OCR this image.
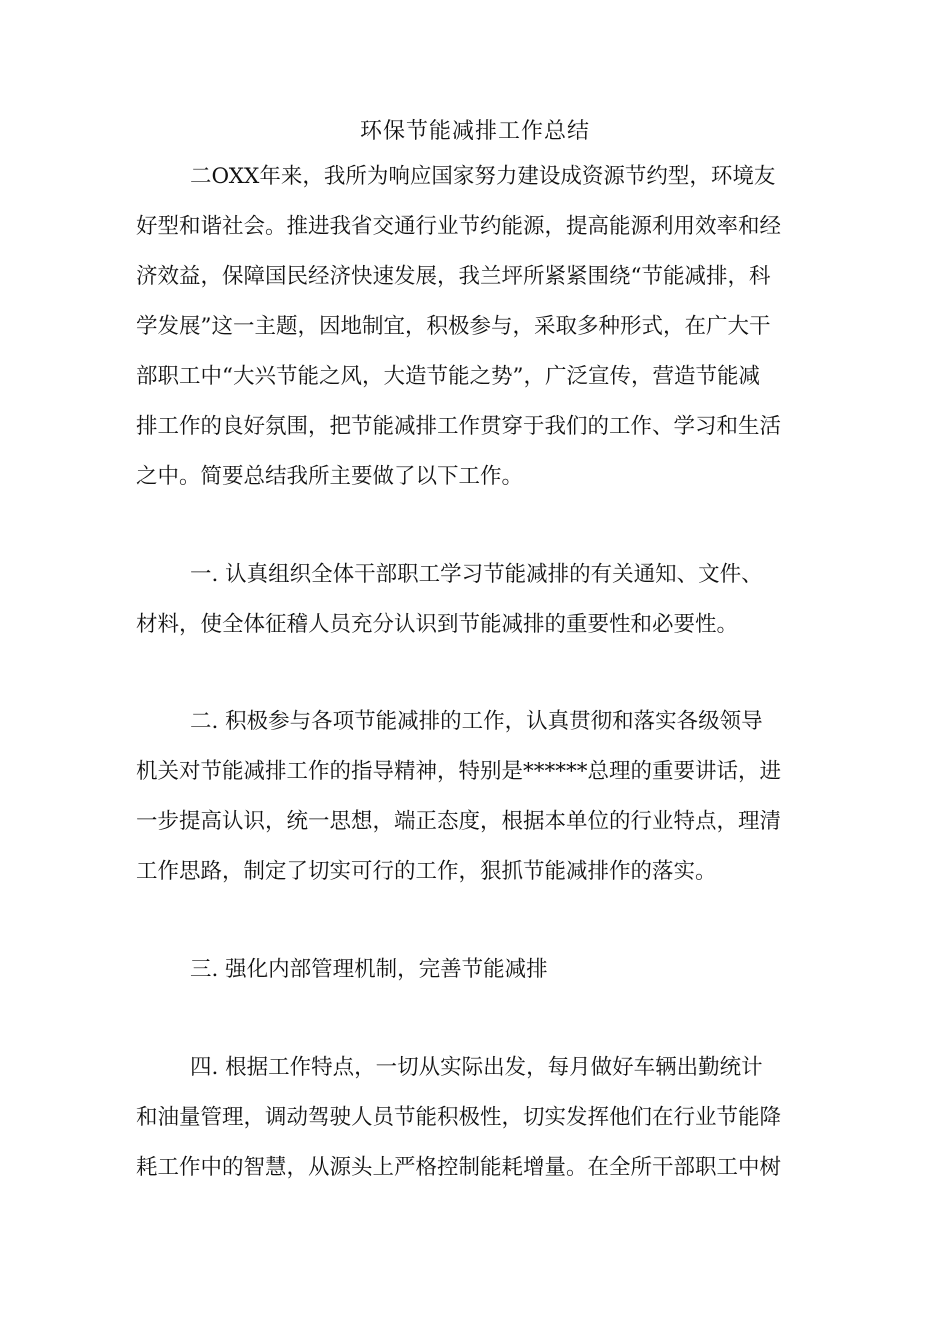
环保节能减排工作总结

二OXX年来，我所为响应国家努力建设成资源节约型，环境友

好型和谐社会。推进我省交通行业节约能源，提高能源利用效率和经

济效益，保障国民经济快速发展，我兰坪所紧紧围绕“节能减排，科

学发展”这一主题，因地制宜，积极参与，采取多种形式，在广大干

部职工中“大兴节能之风，大造节能之势”，广泛宣传，营造节能减

排工作的良好氛围，把节能减排工作贯穿于我们的工作、学习和生活

之中。简要总结我所主要做了以下工作。

一. 认真组织全体干部职工学习节能减排的有关通知、文件、

材料，使全体征稽人员充分认识到节能减排的重要性和必要性。

二. 积极参与各项节能减排的工作，认真贯彻和落实各级领导

机关对节能减排工作的指导精神，特别是******总理的重要讲话，进

一步提高认识，统一思想，端正态度，根据本单位的行业特点，理清

工作思路，制定了切实可行的工作，狠抓节能减排作的落实。

三. 强化内部管理机制，完善节能减排

四. 根据工作特点，一切从实际出发，每月做好车辆出勤统计

和油量管理，调动驾驶人员节能积极性，切实发挥他们在行业节能降

耗工作中的智慧，从源头上严格控制能耗增量。在全所干部职工中树
